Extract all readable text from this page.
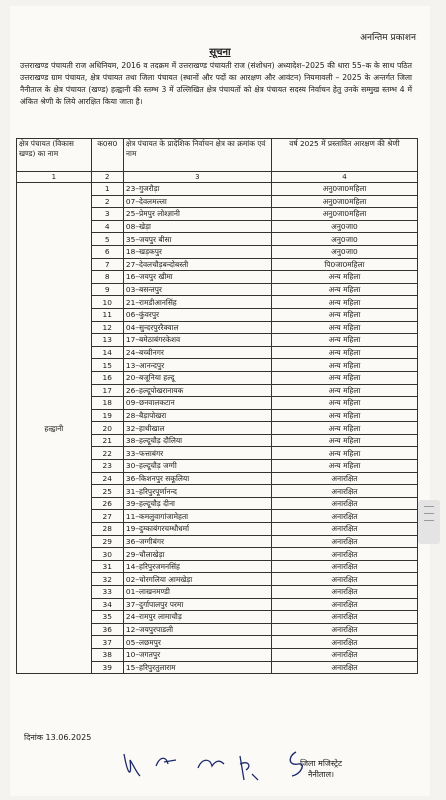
अनन्तिम प्रकाशन
सूचना
उत्तराखण्ड पंचायती राज अधिनियम, 2016 व तदक्रम में उत्तराखण्ड पंचायती राज (संशोधन) अध्यादेश–2025 की धारा 55–क के साथ पठित उत्तराखण्ड ग्राम पंचायत, क्षेत्र पंचायत तथा जिला पंचायत (स्थानों और पदों का आरक्षण और आवंटन) नियमावली – 2025 के अन्तर्गत जिला नैनीताल के क्षेत्र पंचायत (खण्ड) हल्द्वानी की स्तम्भ 3 में उल्लिखित क्षेत्र पंचायतों को क्षेत्र पंचायत सदस्य निर्वाचन हेतु उनके सम्मुख स्तम्भ 4 में अंकित श्रेणी के लिये आरक्षित किया जाता है।
क्षेत्र पंचायत (विकास खण्ड) का नाम	क0स0	क्षेत्र पंचायत के प्रादेशिक निर्वाचन क्षेत्र का क्रमांक एवं नाम	वर्ष 2025 में प्रस्तावित आरक्षण की श्रेणी
1	2	3	4
हल्द्वानी	1	23–गुजरौड़ा	अनु0जा0महिला
	2	07–देवलमल्ला	अनु0जा0महिला
	3	25–प्रेमपुर लोश्ज्ञानी	अनु0जा0महिला
	4	08–खेड़ा	अनु0जा0
	5	35–जयपुर बीसा	अनु0जा0
	6	18–खड़कपुर	अनु0जा0
	7	27–देवलचौड़बन्दोबस्ती	पि0जा0महिला
	8	16–जयपुर खीमा	अन्य महिला
	9	03–बसन्तपुर	अन्य महिला
	10	21–रामडीआनसिंह	अन्य महिला
	11	06–कुंवरपुर	अन्य महिला
	12	04–सुन्दरपुररैक्वाल	अन्य महिला
	13	17–बमेठाबंगरकेशव	अन्य महिला
	14	24–बच्चीनगर	अन्य महिला
	15	13–आनन्दपुर	अन्य महिला
	16	20–बजूनिया हल्दू	अन्य महिला
	17	26–हल्दूपोखरानायक	अन्य महिला
	18	09–छनवालकटान	अन्य महिला
	19	28–बैड़ापोखरा	अन्य महिला
	20	32–हाथीखाल	अन्य महिला
	21	38–हल्दूचौड़ दौलिया	अन्य महिला
	22	33–फत्ताबंगर	अन्य महिला
	23	30–हल्दूचौड़ जग्गी	अन्य महिला
	24	36–किशनपुर सकूलिया	अनारक्षित
	25	31–हरिपुरपूर्णानन्द	अनारक्षित
	26	39–हल्दूचौड़ दीना	अनारक्षित
	27	11–कमलुवागांजामेहता	अनारक्षित
	28	19–दुम्काबंगरचम्धौधर्मा	अनारक्षित
	29	36–जग्गीबंगर	अनारक्षित
	30	29–चौलाखेड़ा	अनारक्षित
	31	14–हरिपुरजमनसिंह	अनारक्षित
	32	02–चोरगलिया आमखेड़ा	अनारक्षित
	33	01–लाखनमण्डी	अनारक्षित
	34	37–दुर्गापालपुर परमा	अनारक्षित
	35	24–रामपुर लामाचौड़	अनारक्षित
	36	12–जयपुरपाडली	अनारक्षित
	37	05–लछमपुर	अनारक्षित
	38	10–जगतपुर	अनारक्षित
	39	15–हरिपुरतुलाराम	अनारक्षित
दिनांक 13.06.2025
जिला मजिस्ट्रेट
नैनीताल।
